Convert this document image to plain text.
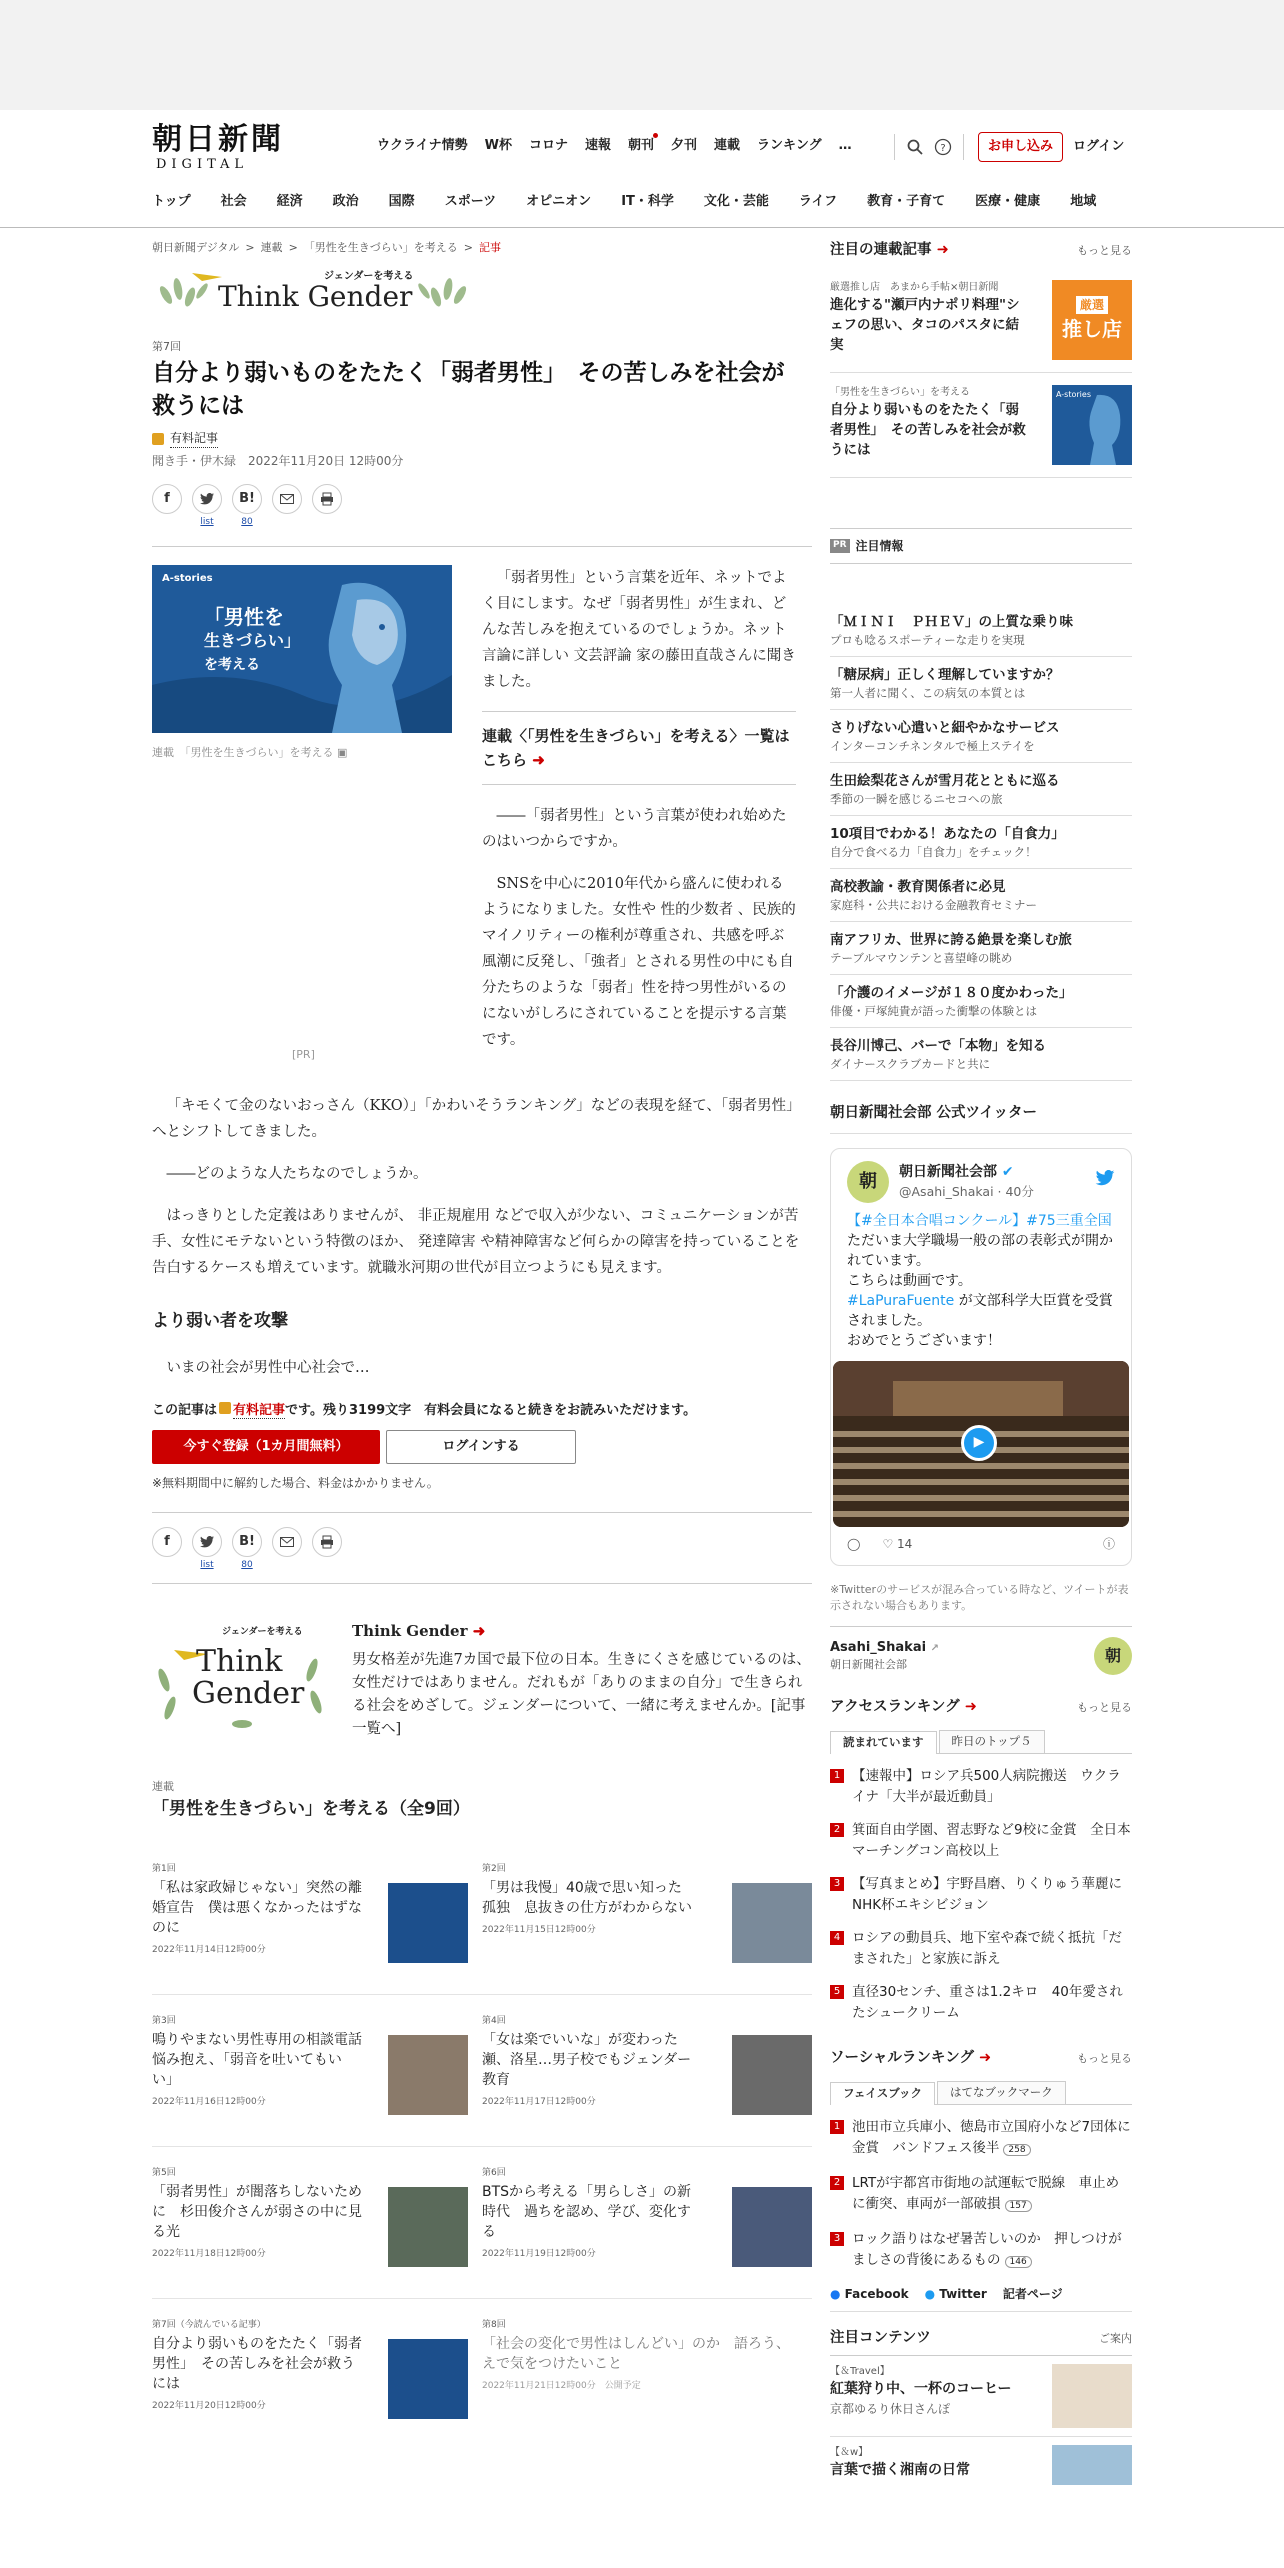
朝日新聞
DIGITAL
ウクライナ情勢 W杯 コロナ 速報 朝刊 夕刊 連載 ランキング …	?	お申し込み	ログイン
トップ 社会 経済 政治 国際 スポーツ オピニオン IT・科学 文化・芸能 ライフ 教育・子育て 医療・健康 地域
朝日新聞デジタル > 連載 > 「男性を生きづらい」を考える > 記事
ジェンダーを考える
Think Gender
第7回
自分より弱いものをたたく「弱者男性」　その苦しみを社会が救うには
有料記事
聞き手・伊木緑　2022年11月20日 12時00分
f
list
B!
80
A-stories
「男性を
生きづらい」
を考える
連載　「男性を生きづらい」を考える ▣
[PR]

「弱者男性」という言葉を近年、ネットでよく目にします。なぜ「弱者男性」が生まれ、どんな苦しみを抱えているのでしょうか。ネット言論に詳しい 文芸評論 家の藤田直哉さんに聞きました。

連載〈「男性を生きづらい」を考える〉一覧はこちら ➜

――「弱者男性」という言葉が使われ始めたのはいつからですか。

SNSを中心に2010年代から盛んに使われるようになりました。女性や 性的少数者 、民族的マイノリティーの権利が尊重され、共感を呼ぶ風潮に反発し、「強者」とされる男性の中にも自分たちのような「弱者」性を持つ男性がいるのにないがしろにされていることを提示する言葉です。

「キモくて金のないおっさん（KKO）」「かわいそうランキング」などの表現を経て、「弱者男性」へとシフトしてきました。

――どのような人たちなのでしょうか。

はっきりとした定義はありませんが、 非正規雇用 などで収入が少ない、コミュニケーションが苦手、女性にモテないという特徴のほか、 発達障害 や精神障害など何らかの障害を持っていることを告白するケースも増えています。就職氷河期の世代が目立つようにも見えます。

より弱い者を攻撃

いまの社会が男性中心社会で…

この記事は 有料記事です。残り3199文字　有料会員になると続きをお読みいただけます。
今すぐ登録（1カ月間無料）	ログインする
※無料期間中に解約した場合、料金はかかりません。
f
list
B!
80
ジェンダーを考える
Think
Gender
Think Gender ➜
男女格差が先進7カ国で最下位の日本。生きにくさを感じているのは、女性だけではありません。だれもが「ありのままの自分」で生きられる社会をめざして。ジェンダーについて、一緒に考えませんか。[記事一覧へ]
連載
「男性を生きづらい」を考える（全9回）
第1回
「私は家政婦じゃない」突然の離婚宣告　僕は悪くなかったはずなのに
2022年11月14日12時00分
第2回
「男は我慢」40歳で思い知った孤独　息抜きの仕方がわからない
2022年11月15日12時00分
第3回
鳴りやまない男性専用の相談電話　悩み抱え、「弱音を吐いてもいい」
2022年11月16日12時00分
第4回
「女は楽でいいな」が変わった瀬、洛星…男子校でもジェンダー教育
2022年11月17日12時00分
第5回
「弱者男性」が闇落ちしないために　杉田俊介さんが弱さの中に見る光
2022年11月18日12時00分
第6回
BTSから考える「男らしさ」の新時代　過ちを認め、学び、変化する
2022年11月19日12時00分
第7回（今読んでいる記事）
自分より弱いものをたたく「弱者男性」　その苦しみを社会が救うには
2022年11月20日12時00分
第8回
「社会の変化で男性はしんどい」のか　語ろう、えで気をつけたいこと
2022年11月21日12時00分　公開予定
注目の連載記事 ➜	もっと見る
厳選推し店　あまから手帖×朝日新聞
進化する"瀬戸内ナポリ料理"シェフの思い、タコのパスタに結実
厳選
推し店
「男性を生きづらい」を考える
自分より弱いものをたたく「弱者男性」　その苦しみを社会が救うには
A-stories
PR 注目情報
「ＭＩＮＩ　ＰＨＥＶ」の上質な乗り味
プロも唸るスポーティーな走りを実現
「糖尿病」正しく理解していますか？
第一人者に聞く、この病気の本質とは
さりげない心遣いと細やかなサービス
インターコンチネンタルで極上ステイを
生田絵梨花さんが雪月花とともに巡る
季節の一瞬を感じるニセコへの旅
10項目でわかる！あなたの「自食力」
自分で食べる力「自食力」をチェック！
高校教諭・教育関係者に必見
家庭科・公共における金融教育セミナー
南アフリカ、世界に誇る絶景を楽しむ旅
テーブルマウンテンと喜望峰の眺め
「介護のイメージが１８０度かわった」
俳優・戸塚純貴が語った衝撃の体験とは
長谷川博己、バーで「本物」を知る
ダイナースクラブカードと共に
朝日新聞社会部 公式ツイッター
朝	朝日新聞社会部 ✔
@Asahi_Shakai · 40分
【#全日本合唱コンクール】#75三重全国
ただいま大学職場一般の部の表彰式が開かれています。
こちらは動画です。
#LaPuraFuente が文部科学大臣賞を受賞されました。
おめでとうございます！
▶
◯ ♡ 14	ⓘ
※Twitterのサービスが混み合っている時など、ツイートが表示されない場合もあります。
Asahi_Shakai ↗
朝日新聞社会部	朝
アクセスランキング ➜	もっと見る
読まれています	昨日のトップ５
1 【速報中】ロシア兵500人病院搬送　ウクライナ「大半が最近動員」
2 箕面自由学園、習志野など9校に金賞　全日本マーチングコン高校以上
3 【写真まとめ】宇野昌磨、りくりゅう華麗に　NHK杯エキシビジョン
4 ロシアの動員兵、地下室や森で続く抵抗「だまされた」と家族に訴え
5 直径30センチ、重さは1.2キロ　40年愛されたシュークリーム
ソーシャルランキング ➜	もっと見る
フェイスブック	はてなブックマーク
1 池田市立兵庫小、徳島市立国府小など7団体に金賞　バンドフェス後半 258
2 LRTが宇都宮市街地の試運転で脱線　車止めに衝突、車両が一部破損 157
3 ロック語りはなぜ暑苦しいのか　押しつけがましさの背後にあるもの 146
● Facebook ● Twitter 記者ページ
注目コンテンツ	ご案内
【＆Travel】
紅葉狩り中、一杯のコーヒー
京都ゆるり休日さんぽ
【＆w】
言葉で描く湘南の日常
